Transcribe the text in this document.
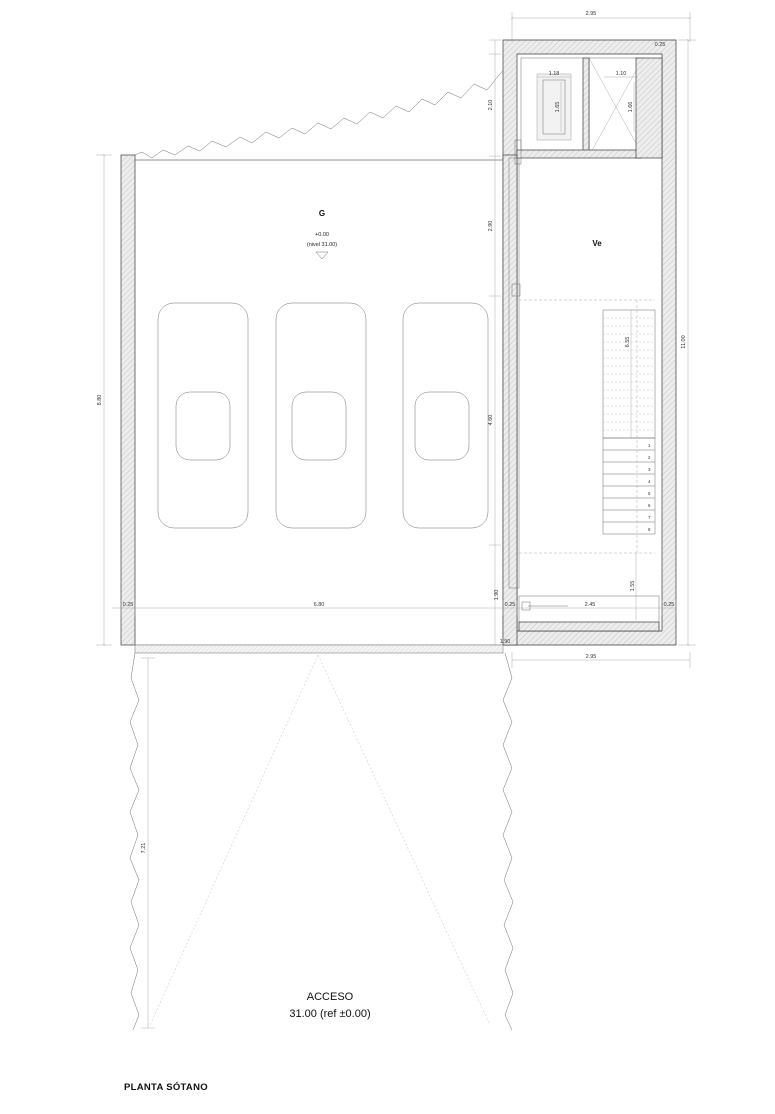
G
+0.00
(nivel 31.00)	Ve
1
2
3
4
5
6
7
8
2.95
1.18	1.10
1.65	1.66
11.00
2.10
2.90
4.60
1.90
0.25
6.55
1.55
8.80
0.25	6.80	0.25	2.45	0.25
1.90
2.95
7.21
ACCESO
31.00 (ref ±0.00)
PLANTA SÓTANO
